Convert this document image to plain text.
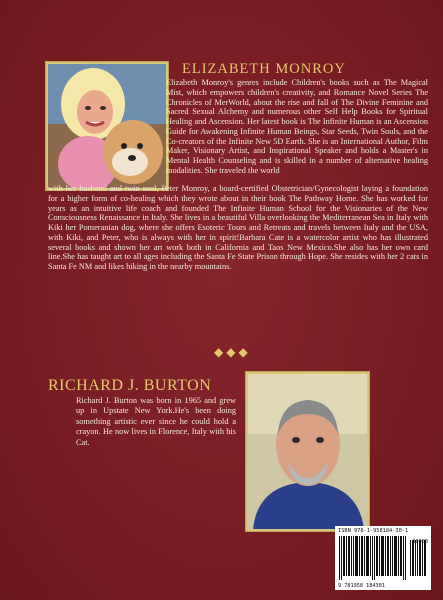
ELIZABETH MONROY
Elizabeth Monroy's genres include Children's books such as The Magical Mist, which empowers children's creativity, and Romance Novel Series The Chronicles of MerWorld, about the rise and fall of The Divine Feminine and Sacred Sexual Alchemy and numerous other Self Help Books for Spiritual Healing and Ascension. Her latest book is The Infinite Human is an Ascension Guide for Awakening Infinite Human Beings, Star Seeds, Twin Souls, and the Co-creators of the Infinite New 5D Earth. She is an International Author, Film Maker, Visionary Artist, and Inspirational Speaker and holds a Master's in Mental Health Counseling and is skilled in a number of alternative healing modalities. She traveled the world
with her husband and twin soul, Peter Monroy, a board-certified Obstetrician/Gynecologist laying a foundation for a higher form of co-healing which they wrote about in their book The Pathway Home. She has worked for years as an intuitive life coach and founded The Infinite Human School for the Visionaries of the New Consciousness Renaissance in Italy. She lives in a beautiful Villa overlooking the Mediterranean Sea in Italy with Kiki her Pomeranian dog, where she offers Esoteric Tours and Retreats and travels between Italy and the USA, with Kiki, and Peter, who is always with her in spirit!Barbara Cate is a watercolor artist who has illustrated several books and shown her art work both in California and Taos New Mexico.She also has her own card line.She has taught art to all ages including the Santa Fe State Prison through Hope. She resides with her 2 cats in Santa Fe NM and likes hiking in the nearby mountains.
◆◆◆
RICHARD J. BURTON
Richard J. Burton was born in 1965 and grew up in Upstate New York.He's been doing something artistic ever since he could hold a crayon. He now lives in Florence, Italy with his Cat.
ISBN 978-1-958184-30-1
9 781958 184301
90000
